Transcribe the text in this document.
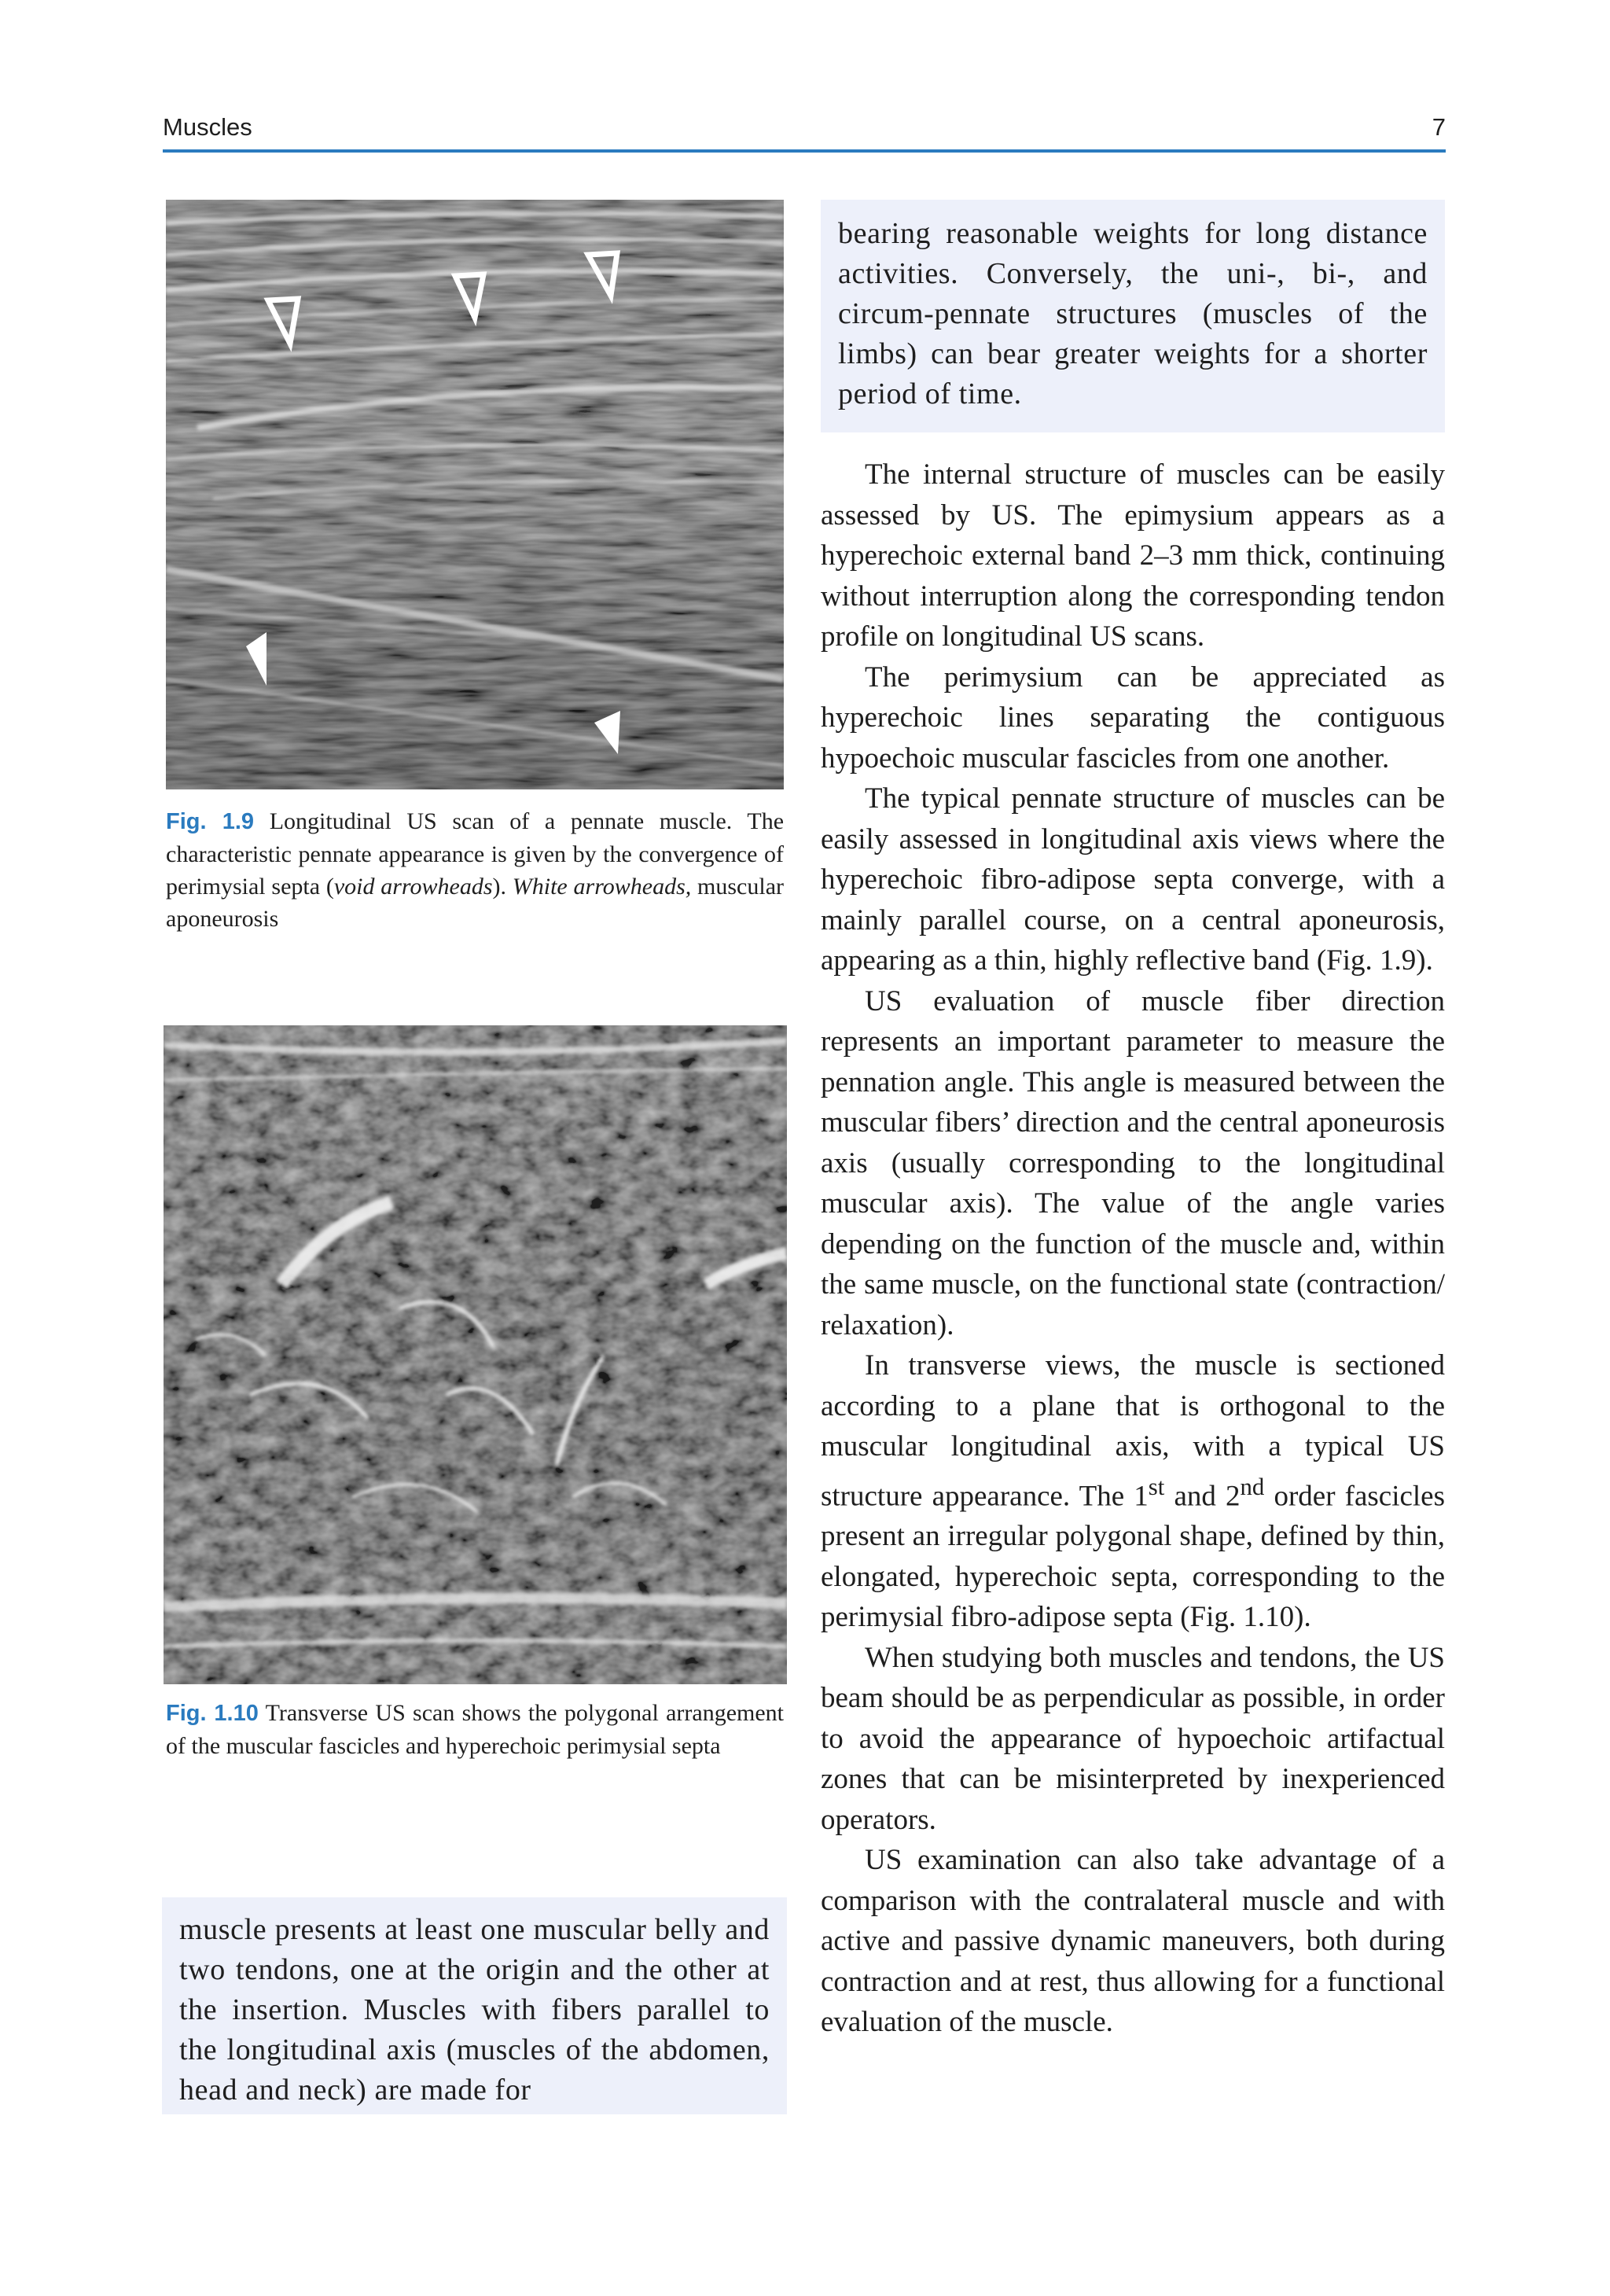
Muscles	7
Fig. 1.9 Longitudinal US scan of a pennate muscle. The characteristic pennate appearance is given by the convergence of perimysial septa (void arrowheads). White arrowheads, muscular aponeurosis
Fig. 1.10 Transverse US scan shows the polygonal arrangement of the muscular fascicles and hyperechoic perimysial septa

bearing reasonable weights for long distance activities. Conversely, the uni-, bi-, and circum-pennate structures (muscles of the limbs) can bear greater weights for a shorter period of time.

muscle presents at least one muscular belly and two tendons, one at the origin and the other at the insertion. Muscles with fibers parallel to the longitudinal axis (muscles of the abdomen, head and neck) are made for

The internal structure of muscles can be easily assessed by US. The epimysium appears as a hyperechoic external band 2–3 mm thick, continuing without interruption along the corresponding tendon profile on longitudinal US scans.

The perimysium can be appreciated as hyperechoic lines separating the contiguous hypoechoic muscular fascicles from one another.

The typical pennate structure of muscles can be easily assessed in longitudinal axis views where the hyperechoic fibro-adipose septa converge, with a mainly parallel course, on a central aponeurosis, appearing as a thin, highly reflective band (Fig. 1.9).

US evaluation of muscle fiber direction represents an important parameter to measure the pennation angle. This angle is measured between the muscular fibers’ direction and the central aponeurosis axis (usually corresponding to the longitudinal muscular axis). The value of the angle varies depending on the function of the muscle and, within the same muscle, on the functional state (contraction/ relaxation).

In transverse views, the muscle is sectioned according to a plane that is orthogonal to the muscular longitudinal axis, with a typical US structure appearance. The 1st and 2nd order fascicles present an irregular polygonal shape, defined by thin, elongated, hyperechoic septa, corresponding to the perimysial fibro-adipose septa (Fig. 1.10).

When studying both muscles and tendons, the US beam should be as perpendicular as possible, in order to avoid the appearance of hypoechoic artifactual zones that can be misinterpreted by inexperienced operators.

US examination can also take advantage of a comparison with the contralateral muscle and with active and passive dynamic maneuvers, both during contraction and at rest, thus allowing for a functional evaluation of the muscle.
